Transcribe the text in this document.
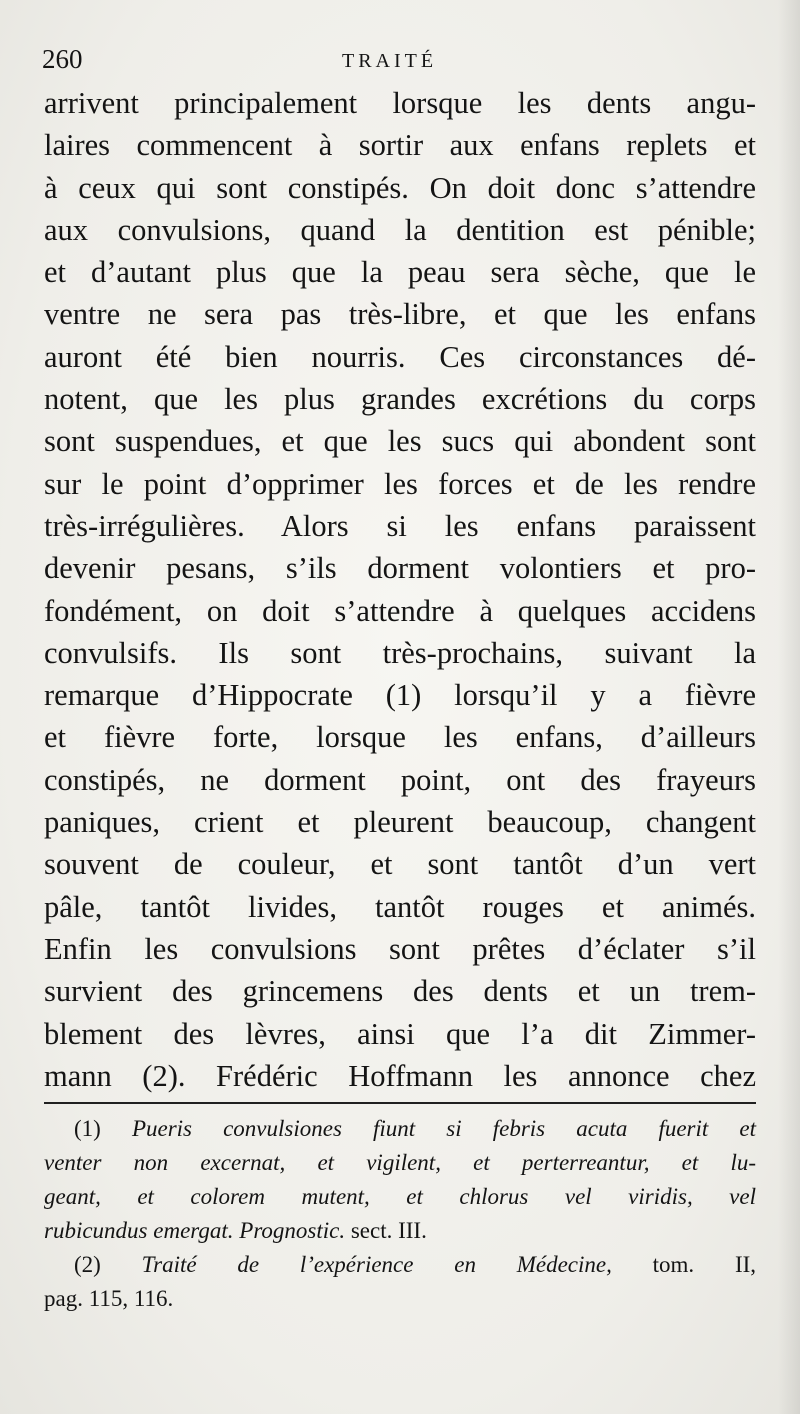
260	TRAITÉ
arrivent principalement lorsque les dents angu-
laires commencent à sortir aux enfans replets et
à ceux qui sont constipés. On doit donc s’attendre
aux convulsions, quand la dentition est pénible;
et d’autant plus que la peau sera sèche, que le
ventre ne sera pas très-libre, et que les enfans
auront été bien nourris. Ces circonstances dé-
notent, que les plus grandes excrétions du corps
sont suspendues, et que les sucs qui abondent sont
sur le point d’opprimer les forces et de les rendre
très-irrégulières. Alors si les enfans paraissent
devenir pesans, s’ils dorment volontiers et pro-
fondément, on doit s’attendre à quelques accidens
convulsifs. Ils sont très-prochains, suivant la
remarque d’Hippocrate (1) lorsqu’il y a fièvre
et fièvre forte, lorsque les enfans, d’ailleurs
constipés, ne dorment point, ont des frayeurs
paniques, crient et pleurent beaucoup, changent
souvent de couleur, et sont tantôt d’un vert
pâle, tantôt livides, tantôt rouges et animés.
Enfin les convulsions sont prêtes d’éclater s’il
survient des grincemens des dents et un trem-
blement des lèvres, ainsi que l’a dit Zimmer-
mann (2). Frédéric Hoffmann les annonce chez
(1) Pueris convulsiones fiunt si febris acuta fuerit et
venter non excernat, et vigilent, et perterreantur, et lu-
geant, et colorem mutent, et chlorus vel viridis, vel
rubicundus emergat. Prognostic. sect. III.
(2) Traité de l’expérience en Médecine, tom. II,
pag. 115, 116.
